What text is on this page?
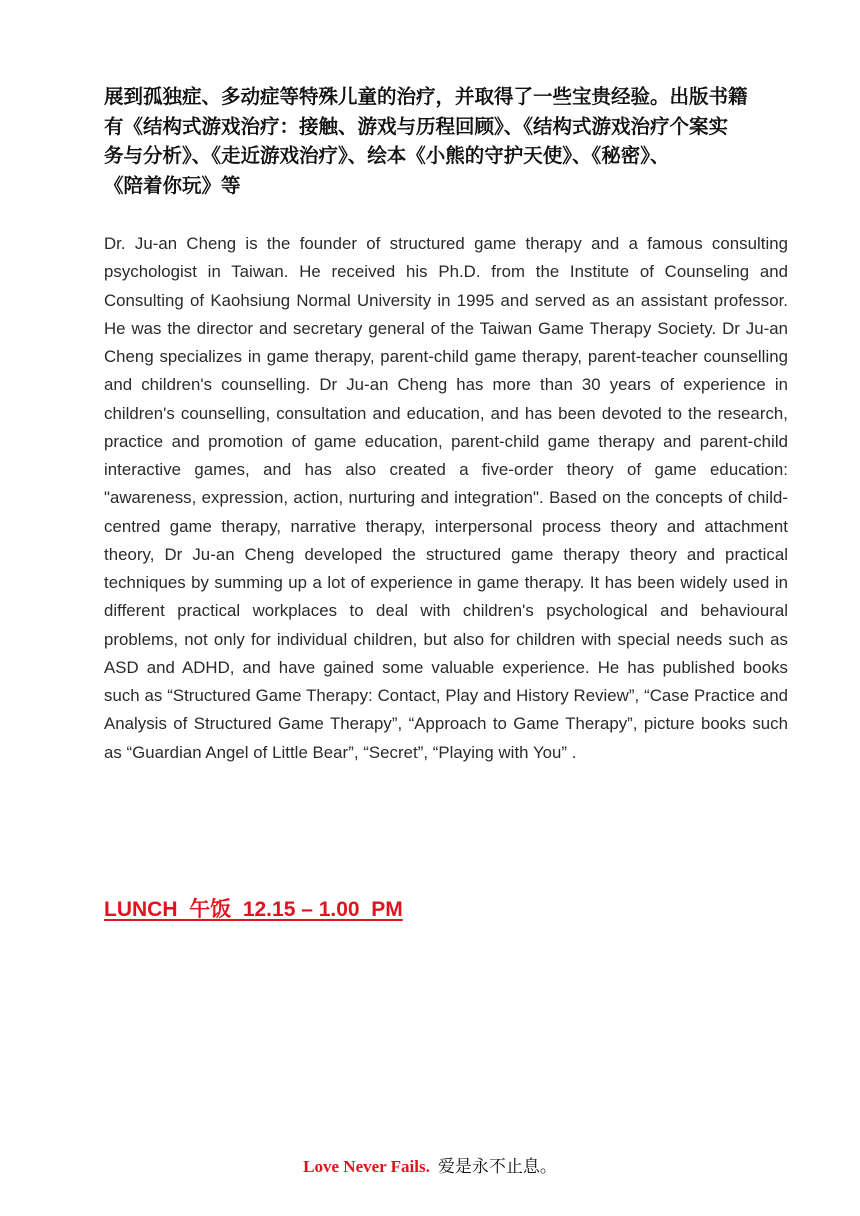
展到孤独症、多动症等特殊儿童的治疗，并取得了一些宝贵经验。出版书籍
有《结构式游戏治疗：接触、游戏与历程回顾》、《结构式游戏治疗个案实
务与分析》、《走近游戏治疗》、绘本《小熊的守护天使》、《秘密》、
《陪着你玩》等

Dr. Ju-an Cheng is the founder of structured game therapy and a famous consulting psychologist in Taiwan. He received his Ph.D. from the Institute of Counseling and Consulting of Kaohsiung Normal University in 1995 and served as an assistant professor. He was the director and secretary general of the Taiwan Game Therapy Society. Dr Ju-an Cheng specializes in game therapy, parent-child game therapy, parent-teacher counselling and children's counselling. Dr Ju-an Cheng has more than 30 years of experience in children's counselling, consultation and education, and has been devoted to the research, practice and promotion of game education, parent-child game therapy and parent-child interactive games, and has also created a five-order theory of game education: "awareness, expression, action, nurturing and integration". Based on the concepts of child-centred game therapy, narrative therapy, interpersonal process theory and attachment theory, Dr Ju-an Cheng developed the structured game therapy theory and practical techniques by summing up a lot of experience in game therapy. It has been widely used in different practical workplaces to deal with children's psychological and behavioural problems, not only for individual children, but also for children with special needs such as ASD and ADHD, and have gained some valuable experience. He has published books such as “Structured Game Therapy: Contact, Play and History Review”, “Case Practice and Analysis of Structured Game Therapy”, “Approach to Game Therapy”, picture books such as “Guardian Angel of Little Bear”, “Secret”, “Playing with You” .

LUNCH  午饭  12.15 – 1.00  PM

Love Never Fails. 爱是永不止息。
